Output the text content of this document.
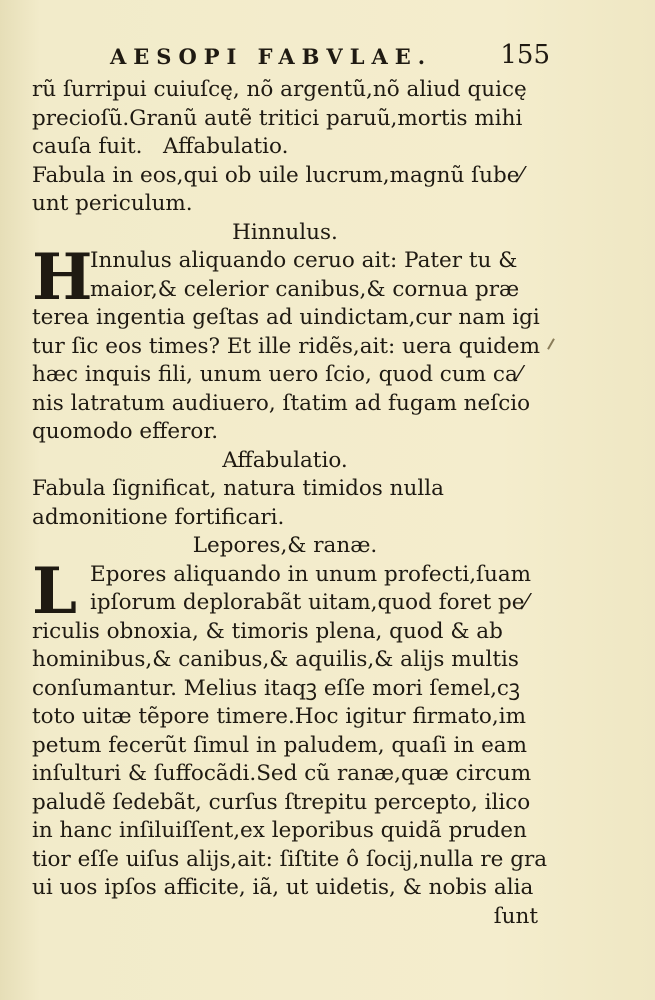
AESOPI FABVLAE.	155
rũ ſurripui cuiuſcę, nõ argentũ,nõ aliud quicę
precioſũ.Granũ autẽ tritici paruũ,mortis mihi
cauſa fuit.   Affabulatio.
Fabula in eos,qui ob uile lucrum,magnũ ſube⁄
unt periculum.
Hinnulus.
H
Innulus aliquando ceruo ait: Pater tu &
maior,& celerior canibus,& cornua præ
terea ingentia geſtas ad uindictam,cur nam igi
tur ſic eos times? Et ille ridẽs,ait: uera quidem
hæc inquis fili, unum uero ſcio, quod cum ca⁄
nis latratum audiuero, ſtatim ad fugam neſcio
quomodo efferor.
Affabulatio.
Fabula ſignificat, natura timidos nulla
admonitione fortificari.
Lepores,& ranæ.
L Epores aliquando in unum profecti,ſuam
ipſorum deplorabãt uitam,quod foret pe⁄
riculis obnoxia, & timoris plena, quod & ab
hominibus,& canibus,& aquilis,& alijs multis
conſumantur. Melius itaqꝫ eſſe mori ſemel,cꝫ
toto uitæ tẽpore timere.Hoc igitur firmato,im
petum fecerũt ſimul in paludem, quaſi in eam
inſulturi & ſuffocãdi.Sed cũ ranæ,quæ circum
paludẽ ſedebãt, curſus ſtrepitu percepto, ilico
in hanc inſiluiſſent,ex leporibus quidã pruden
tior eſſe uiſus alijs,ait: ſiſtite ô ſocij,nulla re gra
ui uos ipſos afficite, iã, ut uidetis, & nobis alia
ſunt
